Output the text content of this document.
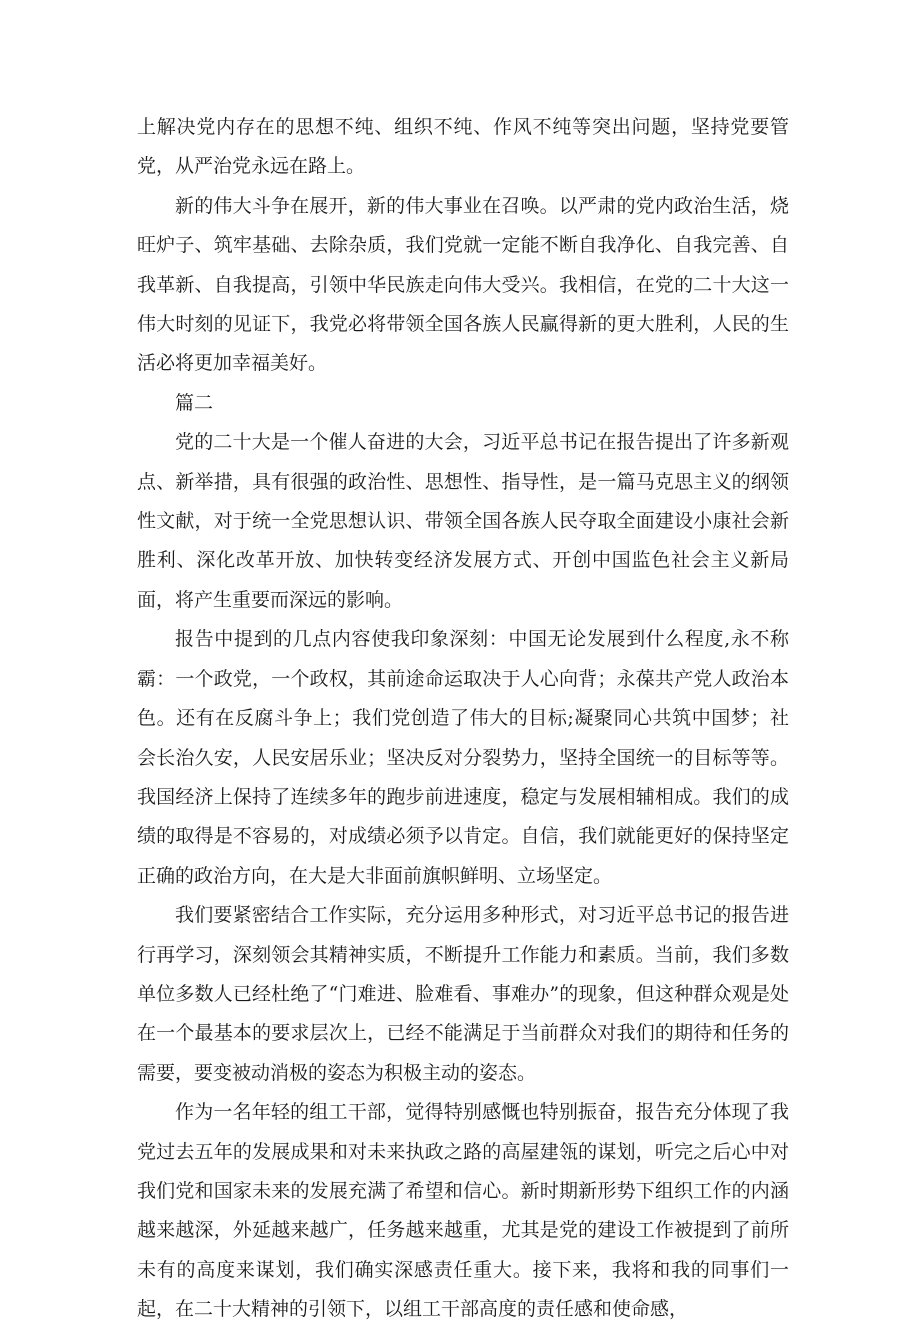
上解决党内存在的思想不纯、组织不纯、作风不纯等突出问题，坚持党要管党，从严治党永远在路上。

新的伟大斗争在展开，新的伟大事业在召唤。以严肃的党内政治生活，烧旺炉子、筑牢基础、去除杂质，我们党就一定能不断自我净化、自我完善、自我革新、自我提高，引领中华民族走向伟大受兴。我相信，在党的二十大这一伟大时刻的见证下，我党必将带领全国各族人民赢得新的更大胜利，人民的生活必将更加幸福美好。

篇二

党的二十大是一个催人奋进的大会，习近平总书记在报告提出了许多新观点、新举措，具有很强的政治性、思想性、指导性，是一篇马克思主义的纲领性文献，对于统一全党思想认识、带领全国各族人民夺取全面建设小康社会新胜利、深化改革开放、加快转变经济发展方式、开创中国监色社会主义新局面，将产生重要而深远的影响。

报告中提到的几点内容使我印象深刻：中国无论发展到什么程度,永不称霸：一个政党，一个政权，其前途命运取决于人心向背；永葆共产党人政治本色。还有在反腐斗争上；我们党创造了伟大的目标;凝聚同心共筑中国梦；社会长治久安，人民安居乐业；坚决反对分裂势力，坚持全国统一的目标等等。我国经济上保持了连续多年的跑步前进速度，稳定与发展相辅相成。我们的成绩的取得是不容易的，对成绩必须予以肯定。自信，我们就能更好的保持坚定正确的政治方向，在大是大非面前旗帜鲜明、立场坚定。

我们要紧密结合工作实际，充分运用多种形式，对习近平总书记的报告进行再学习，深刻领会其精神实质，不断提升工作能力和素质。当前，我们多数单位多数人已经杜绝了“门难进、脸难看、事难办”的现象，但这种群众观是处在一个最基本的要求层次上，已经不能满足于当前群众对我们的期待和任务的需要，要变被动消极的姿态为积极主动的姿态。

作为一名年轻的组工干部，觉得特别感慨也特别振奋，报告充分体现了我党过去五年的发展成果和对未来执政之路的高屋建瓴的谋划，听完之后心中对我们党和国家未来的发展充满了希望和信心。新时期新形势下组织工作的内涵越来越深，外延越来越广，任务越来越重，尤其是党的建设工作被提到了前所未有的高度来谋划，我们确实深感责任重大。接下来，我将和我的同事们一起，在二十大精神的引领下，以组工干部高度的责任感和使命感，
